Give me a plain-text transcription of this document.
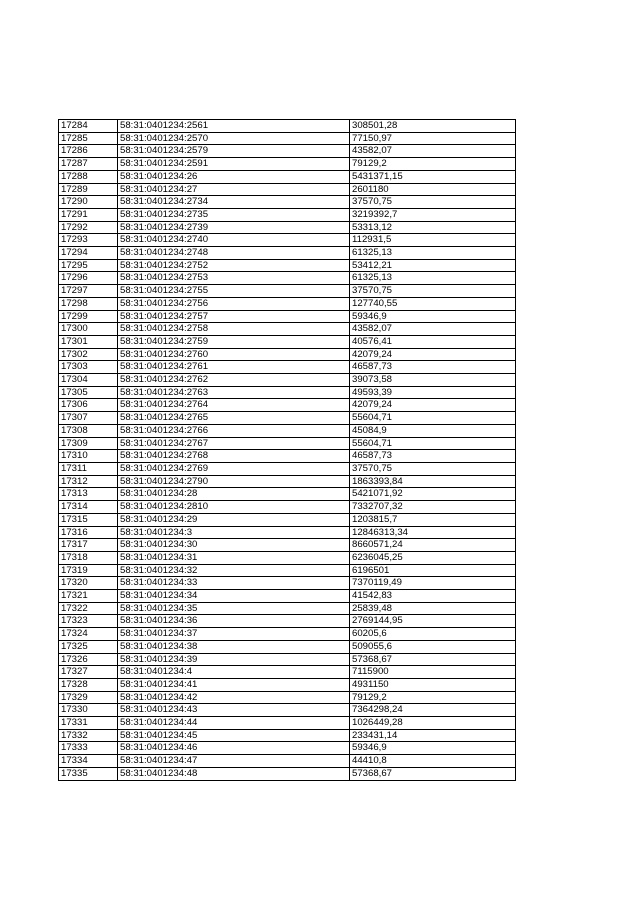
17284	58:31:0401234:2561	308501,28
17285	58:31:0401234:2570	77150,97
17286	58:31:0401234:2579	43582,07
17287	58:31:0401234:2591	79129,2
17288	58:31:0401234:26	5431371,15
17289	58:31:0401234:27	2601180
17290	58:31:0401234:2734	37570,75
17291	58:31:0401234:2735	3219392,7
17292	58:31:0401234:2739	53313,12
17293	58:31:0401234:2740	112931,5
17294	58:31:0401234:2748	61325,13
17295	58:31:0401234:2752	53412,21
17296	58:31:0401234:2753	61325,13
17297	58:31:0401234:2755	37570,75
17298	58:31:0401234:2756	127740,55
17299	58:31:0401234:2757	59346,9
17300	58:31:0401234:2758	43582,07
17301	58:31:0401234:2759	40576,41
17302	58:31:0401234:2760	42079,24
17303	58:31:0401234:2761	46587,73
17304	58:31:0401234:2762	39073,58
17305	58:31:0401234:2763	49593,39
17306	58:31:0401234:2764	42079,24
17307	58:31:0401234:2765	55604,71
17308	58:31:0401234:2766	45084,9
17309	58:31:0401234:2767	55604,71
17310	58:31:0401234:2768	46587,73
17311	58:31:0401234:2769	37570,75
17312	58:31:0401234:2790	1863393,84
17313	58:31:0401234:28	5421071,92
17314	58:31:0401234:2810	7332707,32
17315	58:31:0401234:29	1203815,7
17316	58:31:0401234:3	12846313,34
17317	58:31:0401234:30	8660571,24
17318	58:31:0401234:31	6236045,25
17319	58:31:0401234:32	6196501
17320	58:31:0401234:33	7370119,49
17321	58:31:0401234:34	41542,83
17322	58:31:0401234:35	25839,48
17323	58:31:0401234:36	2769144,95
17324	58:31:0401234:37	60205,6
17325	58:31:0401234:38	509055,6
17326	58:31:0401234:39	57368,67
17327	58:31:0401234:4	7115900
17328	58:31:0401234:41	4931150
17329	58:31:0401234:42	79129,2
17330	58:31:0401234:43	7364298,24
17331	58:31:0401234:44	1026449,28
17332	58:31:0401234:45	233431,14
17333	58:31:0401234:46	59346,9
17334	58:31:0401234:47	44410,8
17335	58:31:0401234:48	57368,67
